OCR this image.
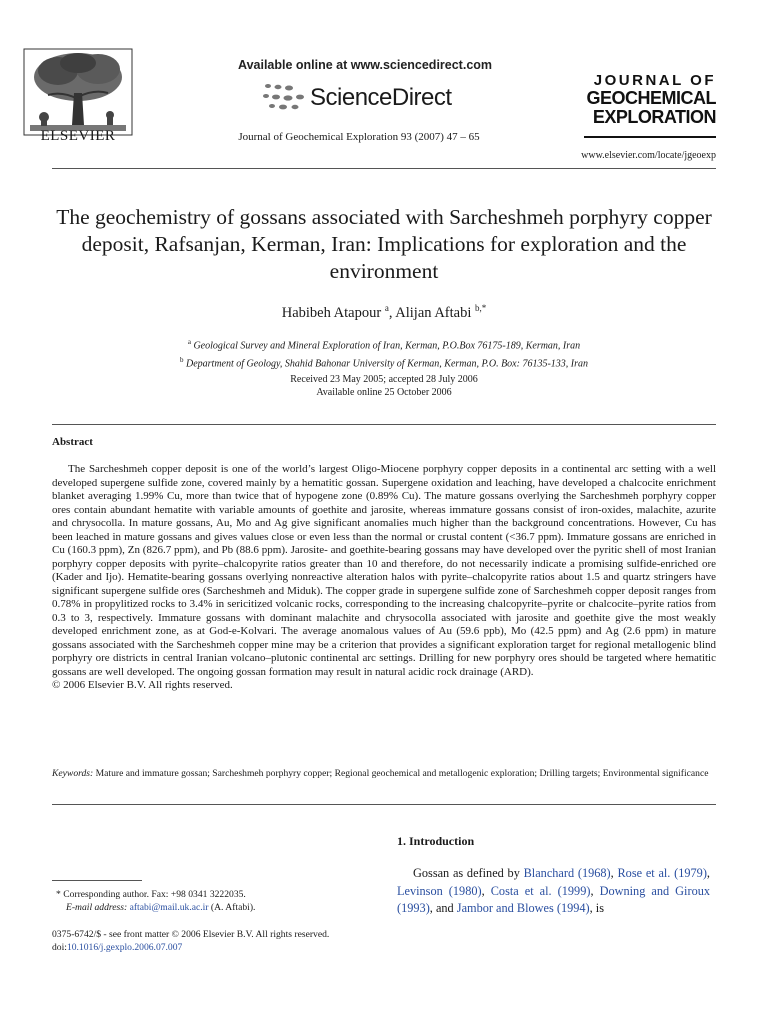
ELSEVIER
Available online at www.sciencedirect.com
ScienceDirect
Journal of Geochemical Exploration 93 (2007) 47 – 65
JOURNAL OF
GEOCHEMICAL
EXPLORATION
www.elsevier.com/locate/jgeoexp
The geochemistry of gossans associated with Sarcheshmeh porphyry copper deposit, Rafsanjan, Kerman, Iran: Implications for exploration and the environment
Habibeh Atapour $^a$, Alijan Aftabi $^{b,*}$
$^a$ Geological Survey and Mineral Exploration of Iran, Kerman, P.O.Box 76175-189, Kerman, Iran
$^b$ Department of Geology, Shahid Bahonar University of Kerman, Kerman, P.O. Box: 76135-133, Iran
Received 23 May 2005; accepted 28 July 2006
Available online 25 October 2006
Abstract

The Sarcheshmeh copper deposit is one of the world’s largest Oligo-Miocene porphyry copper deposits in a continental arc setting with a well developed supergene sulfide zone, covered mainly by a hematitic gossan. Supergene oxidation and leaching, have developed a chalcocite enrichment blanket averaging 1.99% Cu, more than twice that of hypogene zone (0.89% Cu). The mature gossans overlying the Sarcheshmeh porphyry copper ores contain abundant hematite with variable amounts of goethite and jarosite, whereas immature gossans consist of iron-oxides, malachite, azurite and chrysocolla. In mature gossans, Au, Mo and Ag give significant anomalies much higher than the background concentrations. However, Cu has been leached in mature gossans and gives values close or even less than the normal or crustal content (<36.7 ppm). Immature gossans are enriched in Cu (160.3 ppm), Zn (826.7 ppm), and Pb (88.6 ppm). Jarosite- and goethite-bearing gossans may have developed over the pyritic shell of most Iranian porphyry copper deposits with pyrite–chalcopyrite ratios greater than 10 and therefore, do not necessarily indicate a promising sulfide-enriched ore (Kader and Ijo). Hematite-bearing gossans overlying nonreactive alteration halos with pyrite–chalcopyrite ratios about 1.5 and quartz stringers have significant supergene sulfide ores (Sarcheshmeh and Miduk). The copper grade in supergene sulfide zone of Sarcheshmeh copper deposit ranges from 0.78% in propylitized rocks to 3.4% in sericitized volcanic rocks, corresponding to the increasing chalcopyrite–pyrite or chalcocite–pyrite ratios from 0.3 to 3, respectively. Immature gossans with dominant malachite and chrysocolla associated with jarosite and goethite give the most weakly developed enrichment zone, as at God-e-Kolvari. The average anomalous values of Au (59.6 ppb), Mo (42.5 ppm) and Ag (2.6 ppm) in mature gossans associated with the Sarcheshmeh copper mine may be a criterion that provides a significant exploration target for regional metallogenic blind porphyry ore districts in central Iranian volcano–plutonic continental arc settings. Drilling for new porphyry ores should be targeted where hematitic gossans are well developed. The ongoing gossan formation may result in natural acidic rock drainage (ARD).

© 2006 Elsevier B.V. All rights reserved.
Keywords: Mature and immature gossan; Sarcheshmeh porphyry copper; Regional geochemical and metallogenic exploration; Drilling targets; Environmental significance
1. Introduction

Gossan as defined by Blanchard (1968), Rose et al. (1979), Levinson (1980), Costa et al. (1999), Downing and Giroux (1993), and Jambor and Blowes (1994), is

* Corresponding author. Fax: +98 0341 3222035.
E-mail address: aftabi@mail.uk.ac.ir (A. Aftabi).
0375-6742/$ - see front matter © 2006 Elsevier B.V. All rights reserved.
doi:10.1016/j.gexplo.2006.07.007
